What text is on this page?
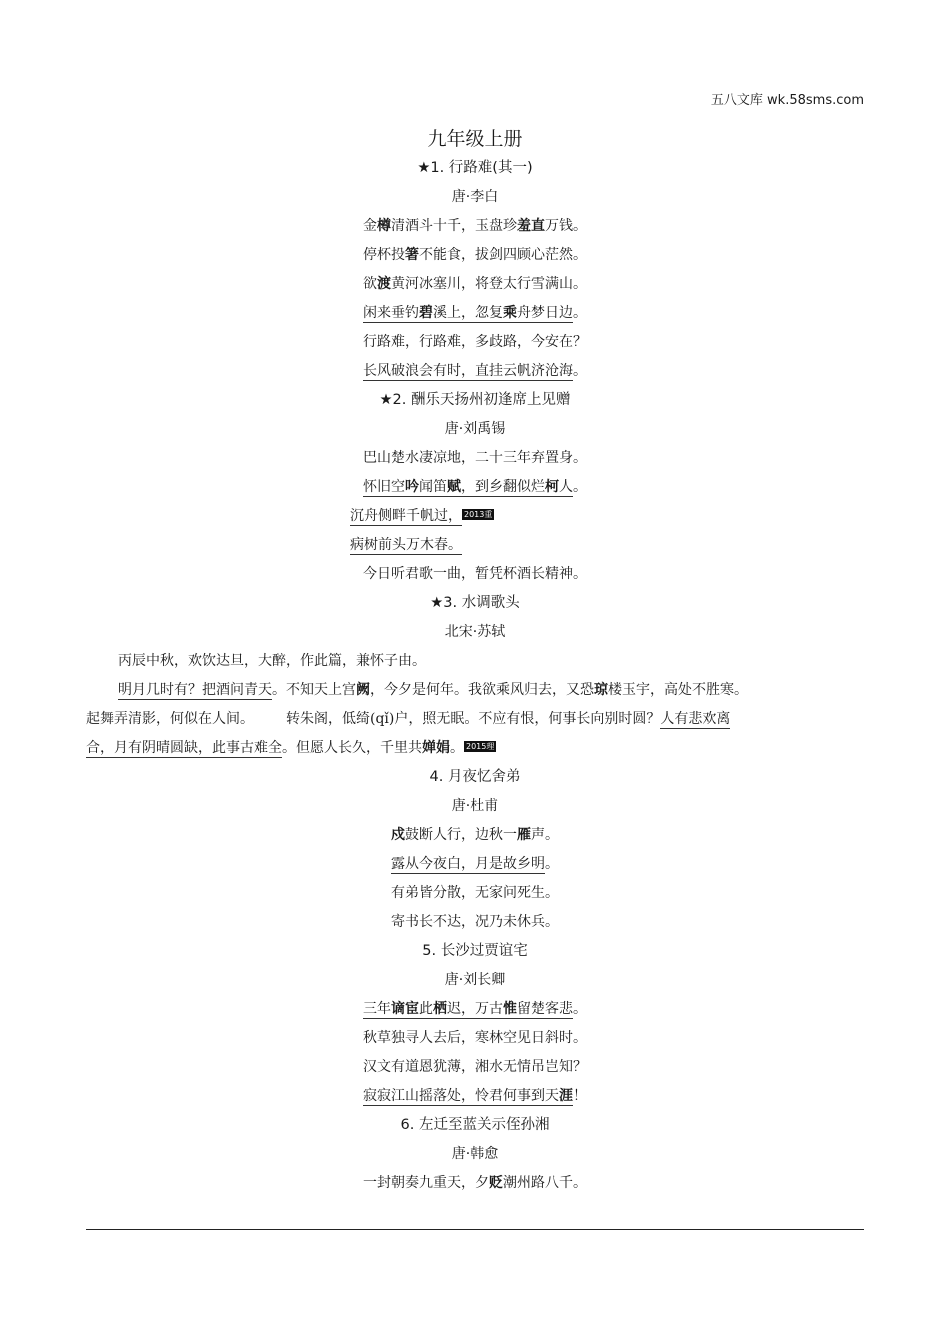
五八文库 wk.58sms.com
九年级上册
★1. 行路难(其一)
唐·李白
金樽清酒斗十千，玉盘珍羞直万钱。
停杯投箸不能食，拔剑四顾心茫然。
欲渡黄河冰塞川，将登太行雪满山。
闲来垂钓碧溪上，忽复乘舟梦日边。
行路难，行路难，多歧路，今安在？
长风破浪会有时，直挂云帆济沧海。
★2. 酬乐天扬州初逢席上见赠
唐·刘禹锡
巴山楚水凄凉地，二十三年弃置身。
怀旧空吟闻笛赋，到乡翻似烂柯人。
沉舟侧畔千帆过， 2013重
病树前头万木春。
今日听君歌一曲，暂凭杯酒长精神。
★3. 水调歌头
北宋·苏轼
丙辰中秋，欢饮达旦，大醉，作此篇，兼怀子由。
明月几时有？把酒问青天。不知天上宫阙，今夕是何年。我欲乘风归去，又恐琼楼玉宇，高处不胜寒。
起舞弄清影，何似在人间。 转朱阁，低绮(qǐ)户，照无眠。不应有恨，何事长向别时圆？人有悲欢离
合，月有阴晴圆缺，此事古难全。但愿人长久，千里共婵娟。 2015理
4. 月夜忆舍弟
唐·杜甫
戍鼓断人行，边秋一雁声。
露从今夜白，月是故乡明。
有弟皆分散，无家问死生。
寄书长不达，况乃未休兵。
5. 长沙过贾谊宅
唐·刘长卿
三年谪宦此栖迟，万古惟留楚客悲。
秋草独寻人去后，寒林空见日斜时。
汉文有道恩犹薄，湘水无情吊岂知？
寂寂江山摇落处，怜君何事到天涯！
6. 左迁至蓝关示侄孙湘
唐·韩愈
一封朝奏九重天，夕贬潮州路八千。
